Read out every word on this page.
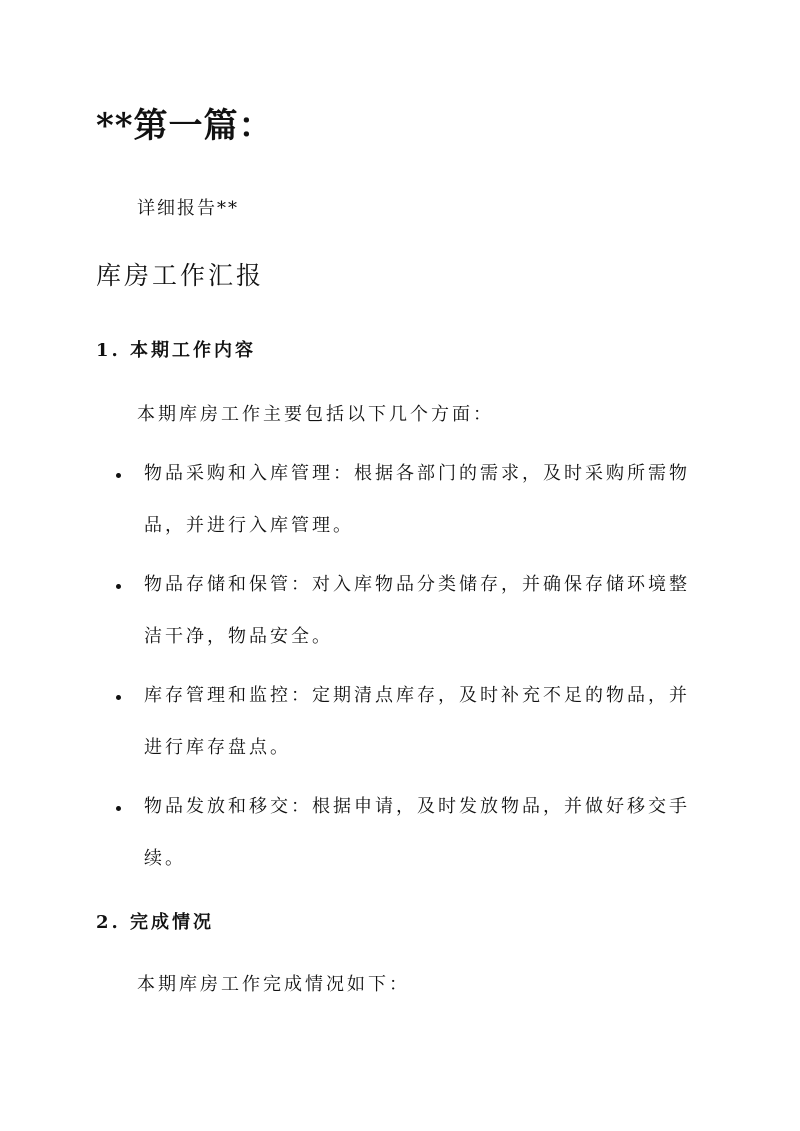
**第一篇：
详细报告**
库房工作汇报
1. 本期工作内容
本期库房工作主要包括以下几个方面：
物品采购和入库管理：根据各部门的需求，及时采购所需物品，并进行入库管理。
物品存储和保管：对入库物品分类储存，并确保存储环境整洁干净，物品安全。
库存管理和监控：定期清点库存，及时补充不足的物品，并进行库存盘点。
物品发放和移交：根据申请，及时发放物品，并做好移交手续。
2. 完成情况
本期库房工作完成情况如下：
